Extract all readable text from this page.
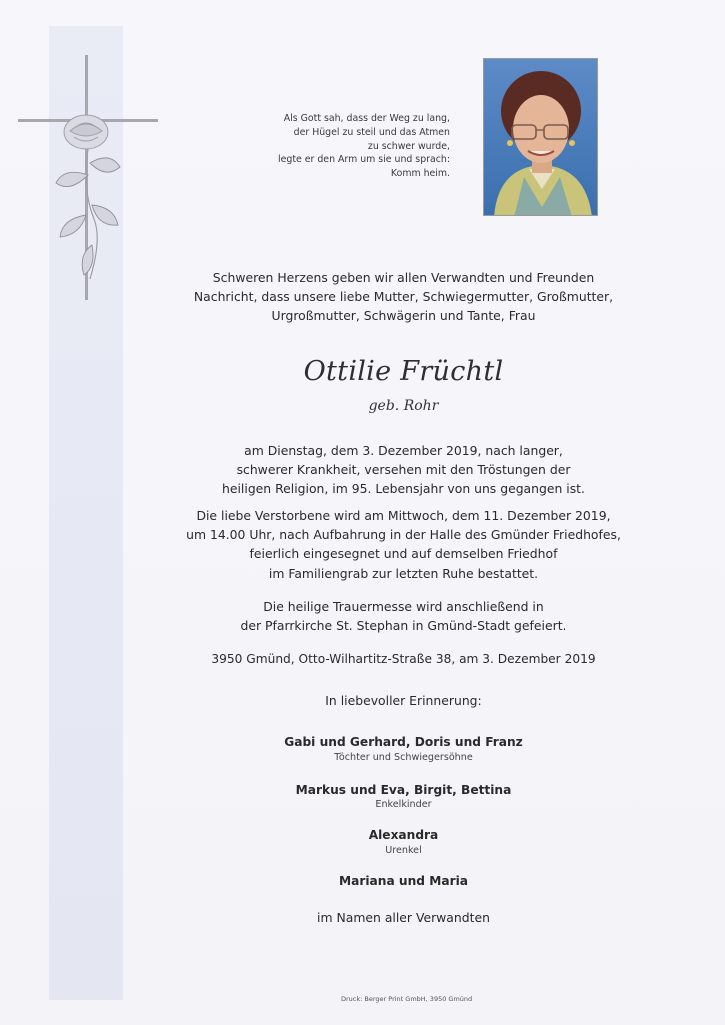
Als Gott sah, dass der Weg zu lang,
der Hügel zu steil und das Atmen
zu schwer wurde,
legte er den Arm um sie und sprach:
Komm heim.
Schweren Herzens geben wir allen Verwandten und Freunden
Nachricht, dass unsere liebe Mutter, Schwiegermutter, Großmutter,
Urgroßmutter, Schwägerin und Tante, Frau
Ottilie Früchtl
geb. Rohr
am Dienstag, dem 3. Dezember 2019, nach langer,
schwerer Krankheit, versehen mit den Tröstungen der
heiligen Religion, im 95. Lebensjahr von uns gegangen ist.
Die liebe Verstorbene wird am Mittwoch, dem 11. Dezember 2019,
um 14.00 Uhr, nach Aufbahrung in der Halle des Gmünder Friedhofes,
feierlich eingesegnet und auf demselben Friedhof
im Familiengrab zur letzten Ruhe bestattet.
Die heilige Trauermesse wird anschließend in
der Pfarrkirche St. Stephan in Gmünd-Stadt gefeiert.
3950 Gmünd, Otto-Wilhartitz-Straße 38, am 3. Dezember 2019
In liebevoller Erinnerung:
Gabi und Gerhard, Doris und Franz
Töchter und Schwiegersöhne
Markus und Eva, Birgit, Bettina
Enkelkinder
Alexandra
Urenkel
Mariana und Maria
im Namen aller Verwandten
Druck: Berger Print GmbH, 3950 Gmünd
